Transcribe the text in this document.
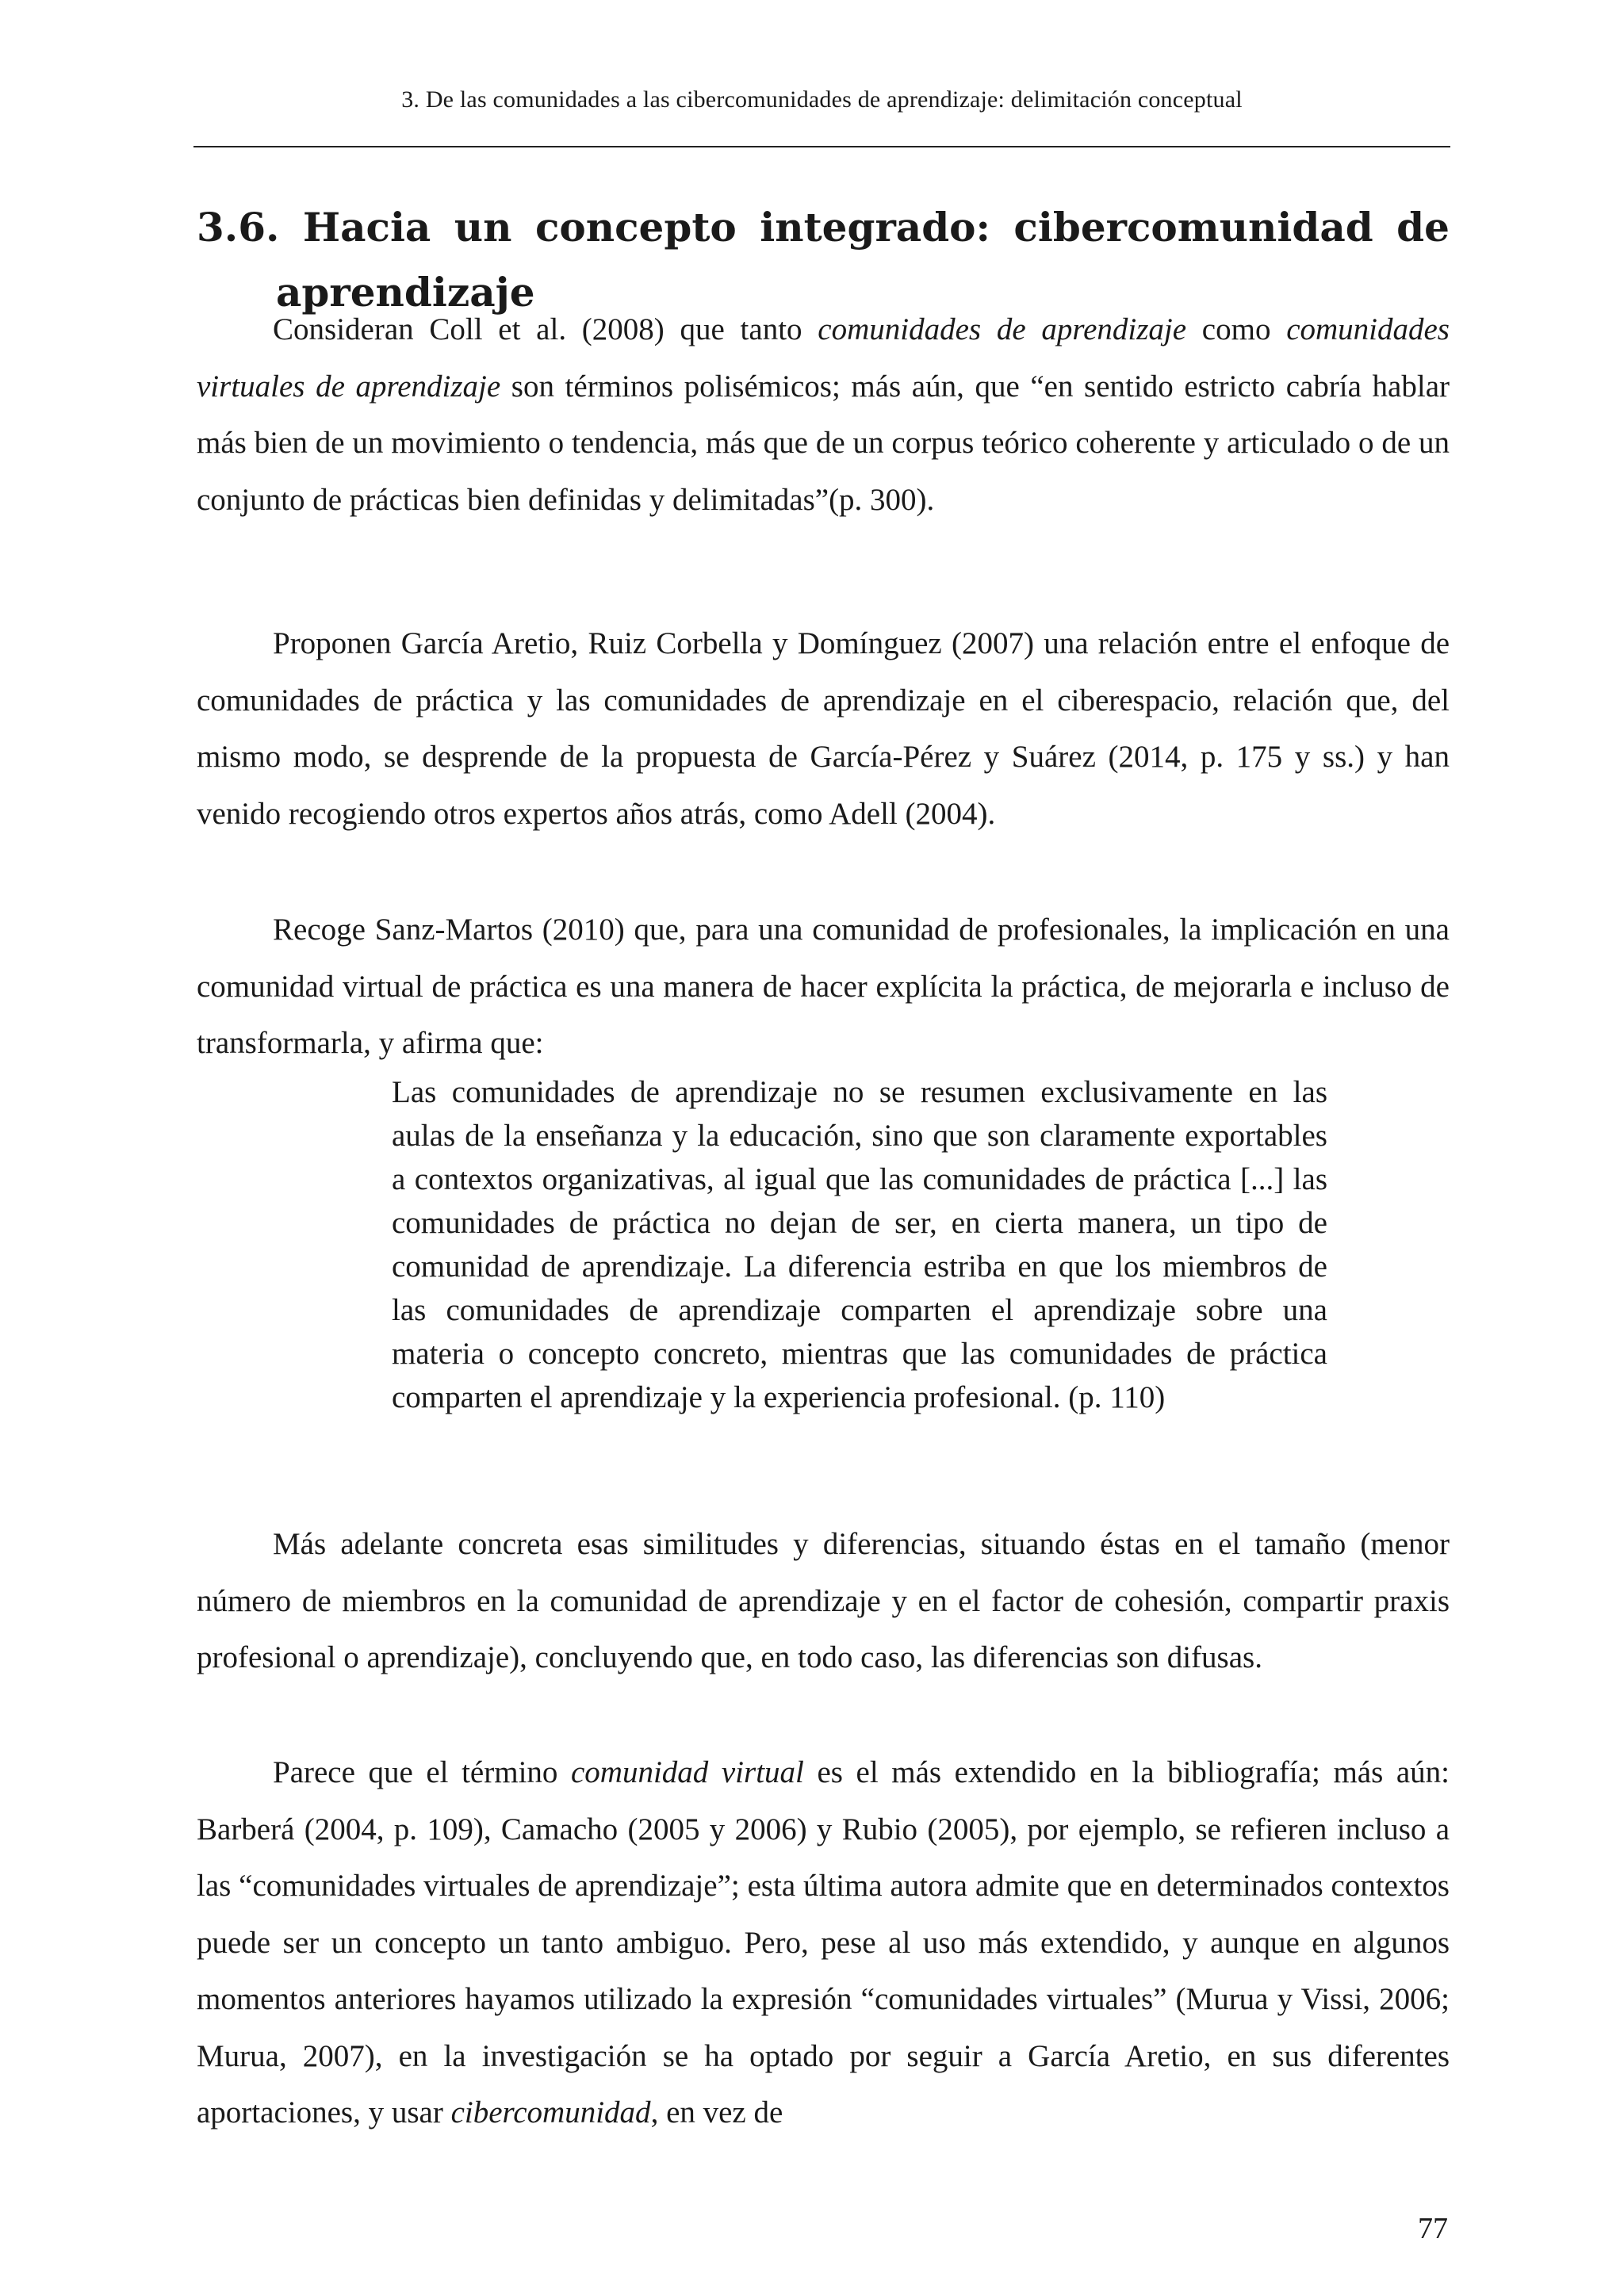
3. De las comunidades a las cibercomunidades de aprendizaje: delimitación conceptual
3.6. Hacia un concepto integrado: cibercomunidad de
aprendizaje

Consideran Coll et al. (2008) que tanto comunidades de aprendizaje como comunidades virtuales de aprendizaje son términos polisémicos; más aún, que “en sentido estricto cabría hablar más bien de un movimiento o tendencia, más que de un corpus teórico coherente y articulado o de un conjunto de prácticas bien definidas y delimitadas”(p. 300).

Proponen García Aretio, Ruiz Corbella y Domínguez (2007) una relación entre el enfoque de comunidades de práctica y las comunidades de aprendizaje en el ciberespacio, relación que, del mismo modo, se desprende de la propuesta de García-Pérez y Suárez (2014, p. 175 y ss.) y han venido recogiendo otros expertos años atrás, como Adell (2004).

Recoge Sanz-Martos (2010) que, para una comunidad de profesionales, la implicación en una comunidad virtual de práctica es una manera de hacer explícita la práctica, de mejorarla e incluso de transformarla, y afirma que:

Las comunidades de aprendizaje no se resumen exclusivamente en las aulas de la enseñanza y la educación, sino que son claramente exportables a contextos organizativas, al igual que las comunidades de práctica [...] las comunidades de práctica no dejan de ser, en cierta manera, un tipo de comunidad de aprendizaje. La diferencia estriba en que los miembros de las comunidades de aprendizaje comparten el aprendizaje sobre una materia o concepto concreto, mientras que las comunidades de práctica comparten el aprendizaje y la experiencia profesional. (p. 110)

Más adelante concreta esas similitudes y diferencias, situando éstas en el tamaño (menor número de miembros en la comunidad de aprendizaje y en el factor de cohesión, compartir praxis profesional o aprendizaje), concluyendo que, en todo caso, las diferencias son difusas.

Parece que el término comunidad virtual es el más extendido en la bibliografía; más aún: Barberá (2004, p. 109), Camacho (2005 y 2006) y Rubio (2005), por ejemplo, se refieren incluso a las “comunidades virtuales de aprendizaje”; esta última autora admite que en determinados contextos puede ser un concepto un tanto ambiguo. Pero, pese al uso más extendido, y aunque en algunos momentos anteriores hayamos utilizado la expresión “comunidades virtuales” (Murua y Vissi, 2006; Murua, 2007), en la investigación se ha optado por seguir a García Aretio, en sus diferentes aportaciones, y usar cibercomunidad, en vez de

77
